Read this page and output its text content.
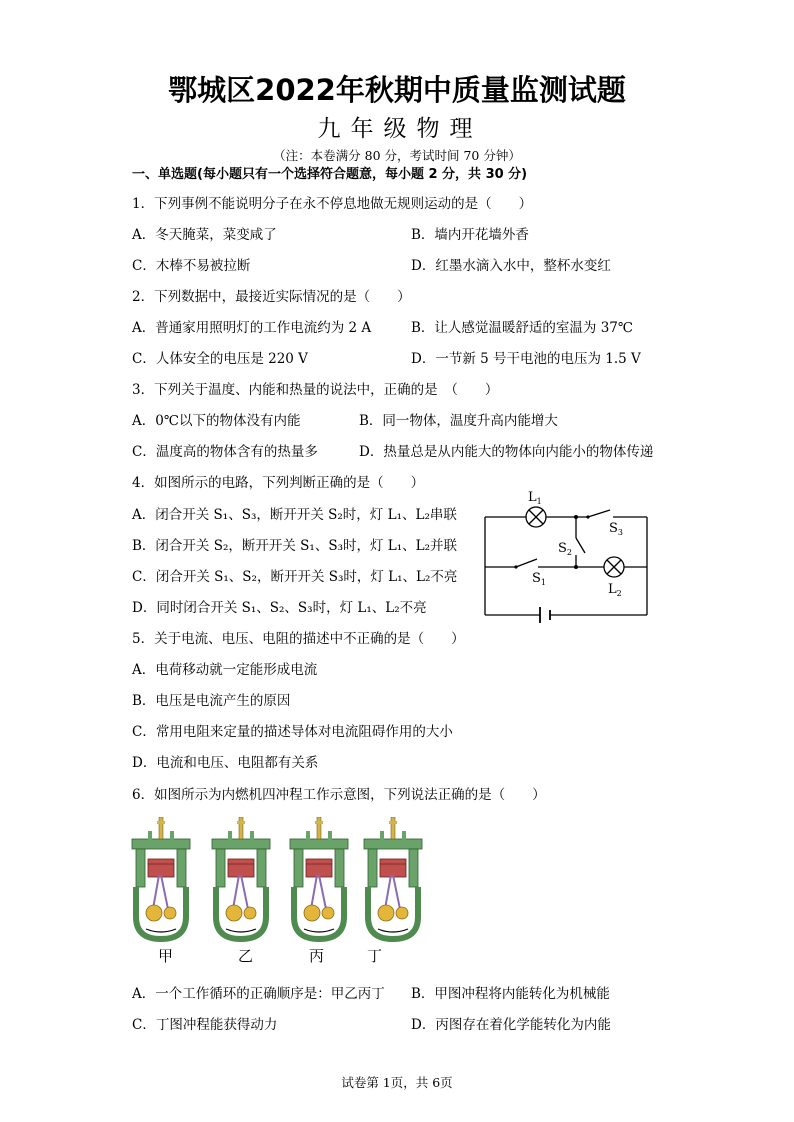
鄂城区2022年秋期中质量监测试题
九年级物理
（注：本卷满分 80 分，考试时间 70 分钟）
一、单选题(每小题只有一个选择符合题意，每小题 2 分，共 30 分)
1．下列事例不能说明分子在永不停息地做无规则运动的是（　　）
A．冬天腌菜，菜变咸了	B．墙内开花墙外香
C．木棒不易被拉断	D．红墨水滴入水中，整杯水变红
2．下列数据中，最接近实际情况的是（　　）
A．普通家用照明灯的工作电流约为 2 A	B．让人感觉温暖舒适的室温为 37℃
C．人体安全的电压是 220 V	D．一节新 5 号干电池的电压为 1.5 V
3．下列关于温度、内能和热量的说法中，正确的是　（　　）
A．0℃以下的物体没有内能	B．同一物体，温度升高内能增大
C．温度高的物体含有的热量多	D．热量总是从内能大的物体向内能小的物体传递
4．如图所示的电路，下列判断正确的是（　　）
A．闭合开关 S₁、S₃，断开开关 S₂时，灯 L₁、L₂串联
B．闭合开关 S₂，断开开关 S₁、S₃时，灯 L₁、L₂并联
C．闭合开关 S₁、S₂，断开开关 S₃时，灯 L₁、L₂不亮
D．同时闭合开关 S₁、S₂、S₃时，灯 L₁、L₂不亮
$L_1$
$L_2$
$S_3$
$S_2$
$S_1$
5．关于电流、电压、电阻的描述中不正确的是（　　）
A．电荷移动就一定能形成电流
B．电压是电流产生的原因
C．常用电阻来定量的描述导体对电流阻碍作用的大小
D．电流和电压、电阻都有关系
6．如图所示为内燃机四冲程工作示意图，下列说法正确的是（　　）
甲	乙	丙	丁
A．一个工作循环的正确顺序是：甲乙丙丁 B．甲图冲程将内能转化为机械能
C．丁图冲程能获得动力	D．丙图存在着化学能转化为内能
试卷第 1页，共 6页
